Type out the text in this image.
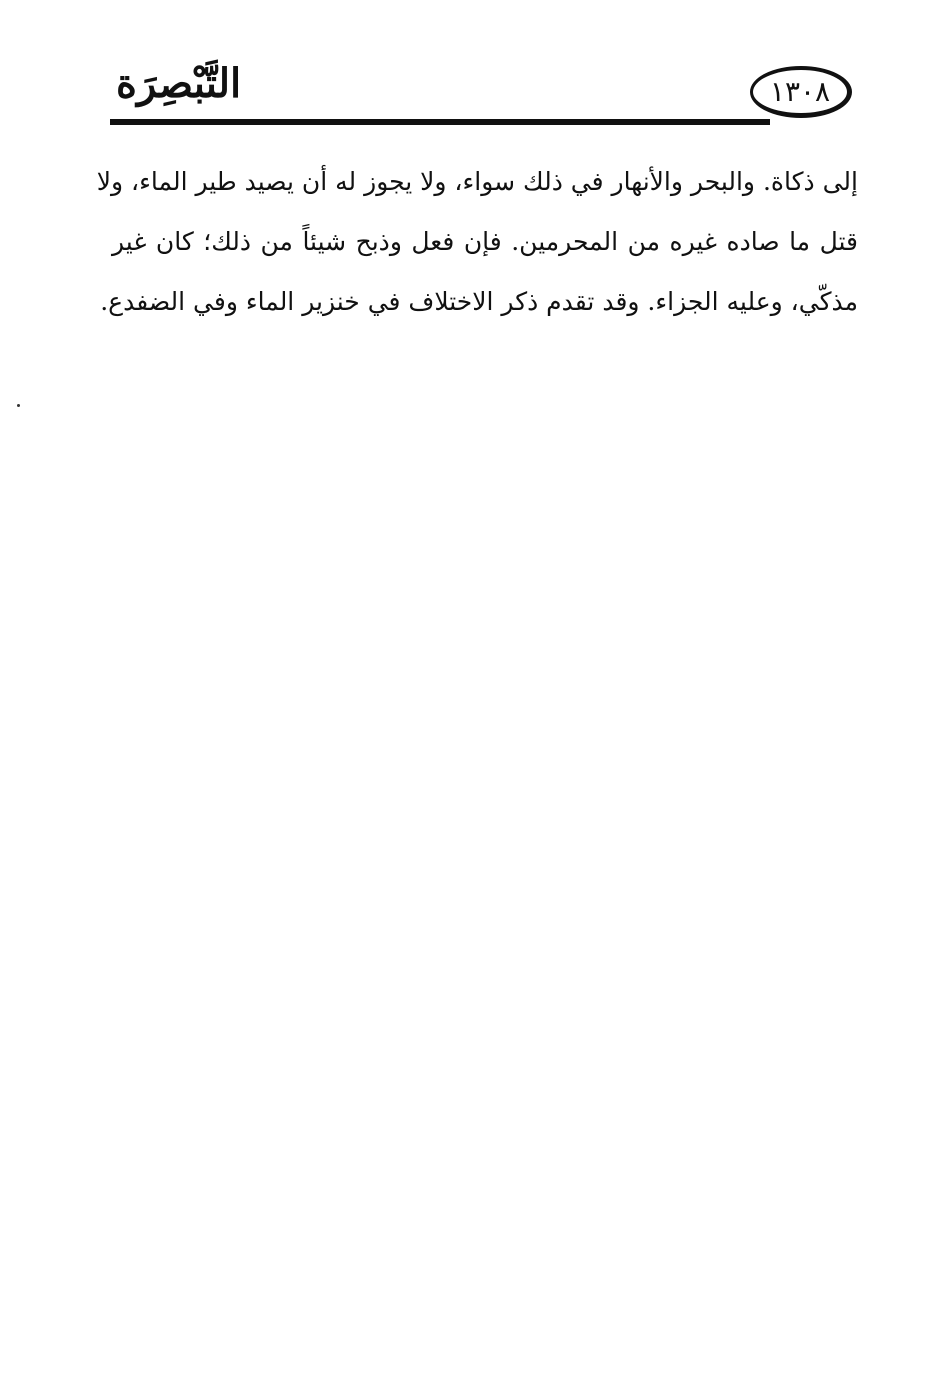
التَّبْصِرَة	١٣٠٨
إلى ذكاة. والبحر والأنهار في ذلك سواء، ولا يجوز له أن يصيد طير الماء، ولا
قتل ما صاده غيره من المحرمين. فإن فعل وذبح شيئاً من ذلك؛ كان غير
مذكّي، وعليه الجزاء. وقد تقدم ذكر الاختلاف في خنزير الماء وفي الضفدع.
